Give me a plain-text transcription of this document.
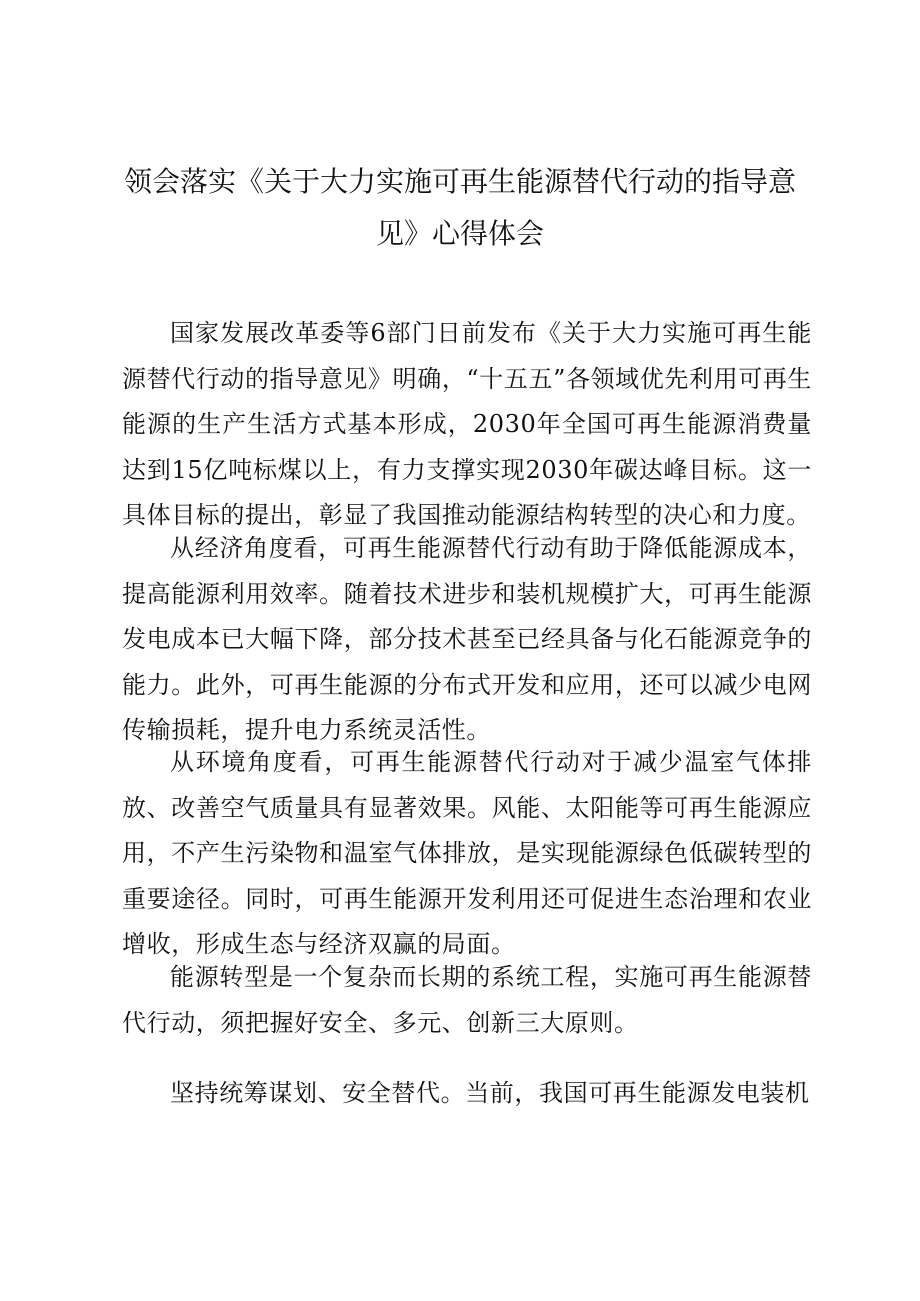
领会落实《关于大力实施可再生能源替代行动的指导意
见》心得体会

国家发展改革委等6部门日前发布《关于大力实施可再生能源替代行动的指导意见》明确，“十五五”各领域优先利用可再生能源的生产生活方式基本形成，2030年全国可再生能源消费量达到15亿吨标煤以上，有力支撑实现2030年碳达峰目标。这一具体目标的提出，彰显了我国推动能源结构转型的决心和力度。

从经济角度看，可再生能源替代行动有助于降低能源成本，提高能源利用效率。随着技术进步和装机规模扩大，可再生能源发电成本已大幅下降，部分技术甚至已经具备与化石能源竞争的能力。此外，可再生能源的分布式开发和应用，还可以减少电网传输损耗，提升电力系统灵活性。

从环境角度看，可再生能源替代行动对于减少温室气体排放、改善空气质量具有显著效果。风能、太阳能等可再生能源应用，不产生污染物和温室气体排放，是实现能源绿色低碳转型的重要途径。同时，可再生能源开发利用还可促进生态治理和农业增收，形成生态与经济双赢的局面。

能源转型是一个复杂而长期的系统工程，实施可再生能源替代行动，须把握好安全、多元、创新三大原则。

坚持统筹谋划、安全替代。当前，我国可再生能源发电装机
